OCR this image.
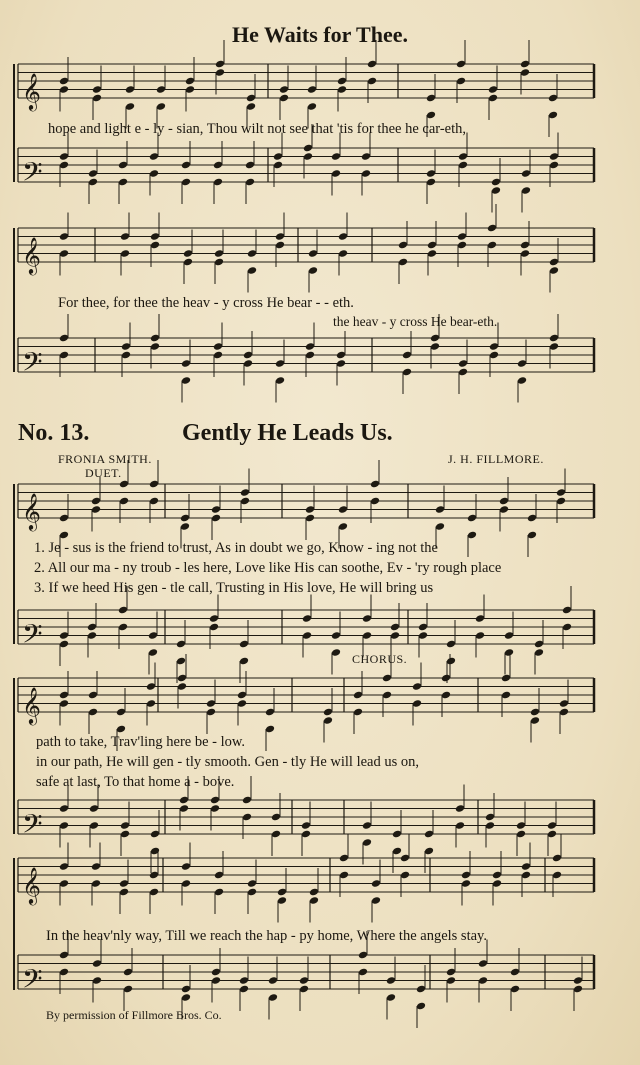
𝄞
𝄢
𝄞
𝄢
𝄞
𝄢
𝄞
𝄢
𝄞
𝄢
He Waits for Thee.
hope and light e - ly - sian, Thou wilt not see that 'tis for thee he car-eth,
For thee, for thee the heav - y cross He bear - - eth.
the heav - y cross He bear-eth.
No. 13.	Gently He Leads Us.
FRONIA SMITH.	J. H. FILLMORE.
DUET.
1. Je - sus is the friend to trust, As in doubt we go, Know - ing not the
2. All our ma - ny troub - les here, Love like His can soothe, Ev - 'ry rough place
3. If we heed His gen - tle call, Trusting in His love, He will bring us
CHORUS.
path to take, Trav'ling here be - low.
in our path, He will gen - tly smooth. Gen - tly He will lead us on,
safe at last, To that home a - bove.
In the heav'nly way, Till we reach the hap - py home, Where the angels stay.
By permission of Fillmore Bros. Co.
